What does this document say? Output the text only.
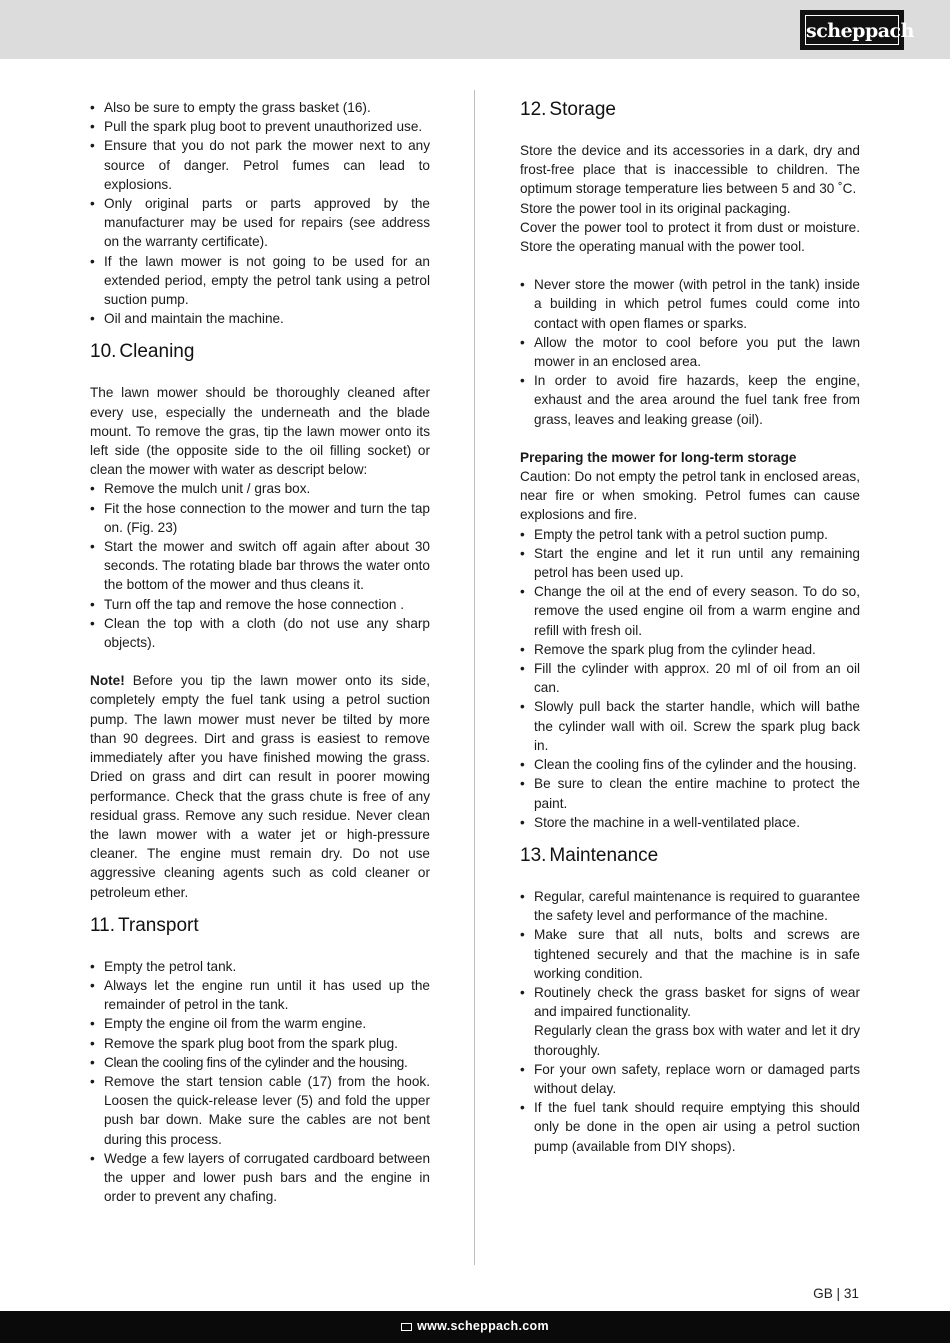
scheppach
• Also be sure to empty the grass basket (16).
• Pull the spark plug boot to prevent unauthorized use.
• Ensure that you do not park the mower next to any source of danger. Petrol fumes can lead to explosions.
• Only original parts or parts approved by the manufacturer may be used for repairs (see address on the warranty certificate).
• If the lawn mower is not going to be used for an extended period, empty the petrol tank using a petrol suction pump.
• Oil and maintain the machine.
10. Cleaning

The lawn mower should be thoroughly cleaned after every use, especially the underneath and the blade mount. To remove the gras, tip the lawn mower onto its left side (the opposite side to the oil filling socket) or clean the mower with water as descript below:

• Remove the mulch unit / gras box.
• Fit the hose connection to the mower and turn the tap on. (Fig. 23)
• Start the mower and switch off again after about 30 seconds. The rotating blade bar throws the water onto the bottom of the mower and thus cleans it.
• Turn off the tap and remove the hose connection .
• Clean the top with a cloth (do not use any sharp objects).

Note! Before you tip the lawn mower onto its side, completely empty the fuel tank using a petrol suction pump. The lawn mower must never be tilted by more than 90 degrees. Dirt and grass is easiest to remove immediately after you have finished mowing the grass. Dried on grass and dirt can result in poorer mowing performance. Check that the grass chute is free of any residual grass. Remove any such residue. Never clean the lawn mower with a water jet or high-pressure cleaner. The engine must remain dry. Do not use aggressive cleaning agents such as cold cleaner or petroleum ether.

11. Transport
• Empty the petrol tank.
• Always let the engine run until it has used up the remainder of petrol in the tank.
• Empty the engine oil from the warm engine.
• Remove the spark plug boot from the spark plug.
• Clean the cooling fins of the cylinder and the housing.
• Remove the start tension cable (17) from the hook. Loosen the quick-release lever (5) and fold the upper push bar down. Make sure the cables are not bent during this process.
• Wedge a few layers of corrugated cardboard between the upper and lower push bars and the engine in order to prevent any chafing.
12. Storage

Store the device and its accessories in a dark, dry and frost-free place that is inaccessible to children. The optimum storage temperature lies between 5 and 30 ˚C.

Store the power tool in its original packaging.

Cover the power tool to protect it from dust or moisture. Store the operating manual with the power tool.

• Never store the mower (with petrol in the tank) inside a building in which petrol fumes could come into contact with open flames or sparks.
• Allow the motor to cool before you put the lawn mower in an enclosed area.
• In order to avoid fire hazards, keep the engine, exhaust and the area around the fuel tank free from grass, leaves and leaking grease (oil).
Preparing the mower for long-term storage

Caution: Do not empty the petrol tank in enclosed areas, near fire or when smoking. Petrol fumes can cause explosions and fire.

• Empty the petrol tank with a petrol suction pump.
• Start the engine and let it run until any remaining petrol has been used up.
• Change the oil at the end of every season. To do so, remove the used engine oil from a warm engine and refill with fresh oil.
• Remove the spark plug from the cylinder head.
• Fill the cylinder with approx. 20 ml of oil from an oil can.
• Slowly pull back the starter handle, which will bathe the cylinder wall with oil. Screw the spark plug back in.
• Clean the cooling fins of the cylinder and the housing.
• Be sure to clean the entire machine to protect the paint.
• Store the machine in a well-ventilated place.
13. Maintenance
• Regular, careful maintenance is required to guarantee the safety level and performance of the machine.
• Make sure that all nuts, bolts and screws are tightened securely and that the machine is in safe working condition.
• Routinely check the grass basket for signs of wear and impaired functionality.
Regularly clean the grass box with water and let it dry thoroughly.
• For your own safety, replace worn or damaged parts without delay.
• If the fuel tank should require emptying this should only be done in the open air using a petrol suction pump (available from DIY shops).
GB | 31
www.scheppach.com
